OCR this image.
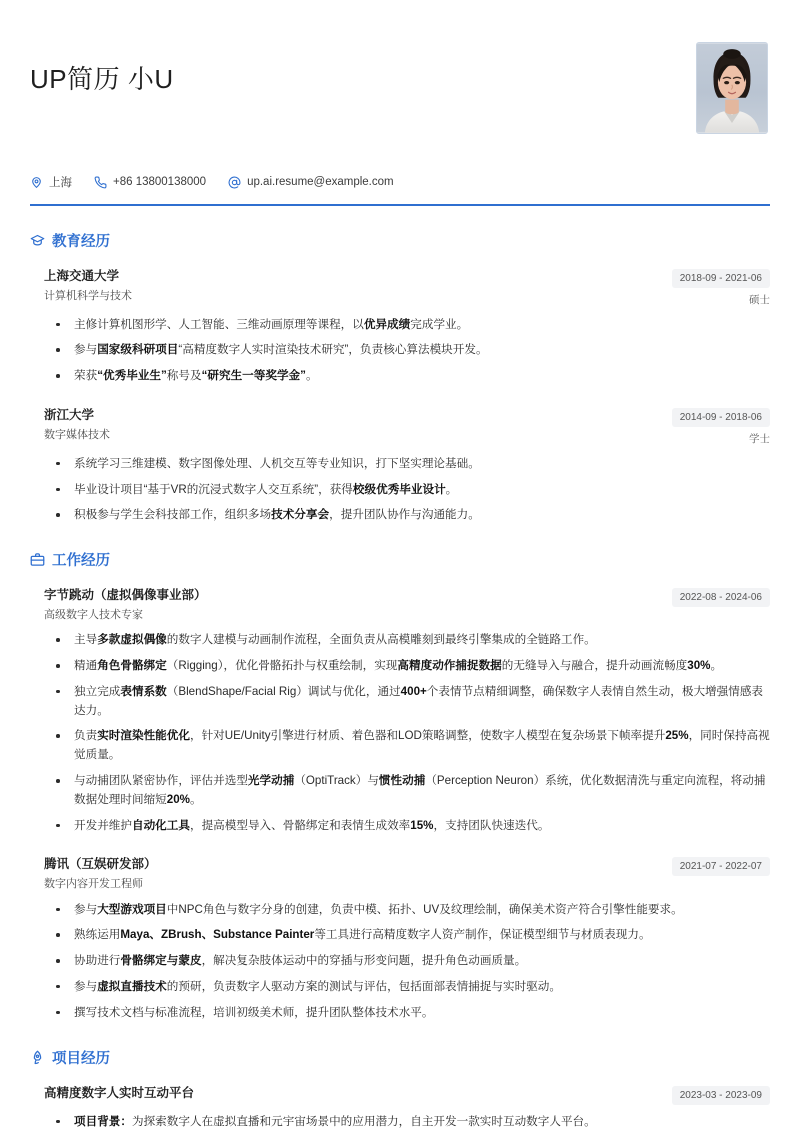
UP简历 小U
上海	+86 13800138000	up.ai.resume@example.com
教育经历
上海交通大学
计算机科学与技术
2018-09 - 2021-06
硕士
主修计算机图形学、人工智能、三维动画原理等课程，以优异成绩完成学业。
参与国家级科研项目“高精度数字人实时渲染技术研究”，负责核心算法模块开发。
荣获“优秀毕业生”称号及“研究生一等奖学金”。
浙江大学
数字媒体技术
2014-09 - 2018-06
学士
系统学习三维建模、数字图像处理、人机交互等专业知识，打下坚实理论基础。
毕业设计项目“基于VR的沉浸式数字人交互系统”，获得校级优秀毕业设计。
积极参与学生会科技部工作，组织多场技术分享会，提升团队协作与沟通能力。
工作经历
字节跳动（虚拟偶像事业部）
高级数字人技术专家
2022-08 - 2024-06
主导多款虚拟偶像的数字人建模与动画制作流程，全面负责从高模雕刻到最终引擎集成的全链路工作。
精通角色骨骼绑定（Rigging），优化骨骼拓扑与权重绘制，实现高精度动作捕捉数据的无缝导入与融合，提升动画流畅度30%。
独立完成表情系数（BlendShape/Facial Rig）调试与优化，通过400+个表情节点精细调整，确保数字人表情自然生动，极大增强情感表达力。
负责实时渲染性能优化，针对UE/Unity引擎进行材质、着色器和LOD策略调整，使数字人模型在复杂场景下帧率提升25%，同时保持高视觉质量。
与动捕团队紧密协作，评估并选型光学动捕（OptiTrack）与惯性动捕（Perception Neuron）系统，优化数据清洗与重定向流程，将动捕数据处理时间缩短20%。
开发并维护自动化工具，提高模型导入、骨骼绑定和表情生成效率15%，支持团队快速迭代。
腾讯（互娱研发部）
数字内容开发工程师
2021-07 - 2022-07
参与大型游戏项目中NPC角色与数字分身的创建，负责中模、拓扑、UV及纹理绘制，确保美术资产符合引擎性能要求。
熟练运用Maya、ZBrush、Substance Painter等工具进行高精度数字人资产制作，保证模型细节与材质表现力。
协助进行骨骼绑定与蒙皮，解决复杂肢体运动中的穿插与形变问题，提升角色动画质量。
参与虚拟直播技术的预研，负责数字人驱动方案的测试与评估，包括面部表情捕捉与实时驱动。
撰写技术文档与标准流程，培训初级美术师，提升团队整体技术水平。
项目经历
高精度数字人实时互动平台	2023-03 - 2023-09
项目背景：为探索数字人在虚拟直播和元宇宙场景中的应用潜力，自主开发一款实时互动数字人平台。
